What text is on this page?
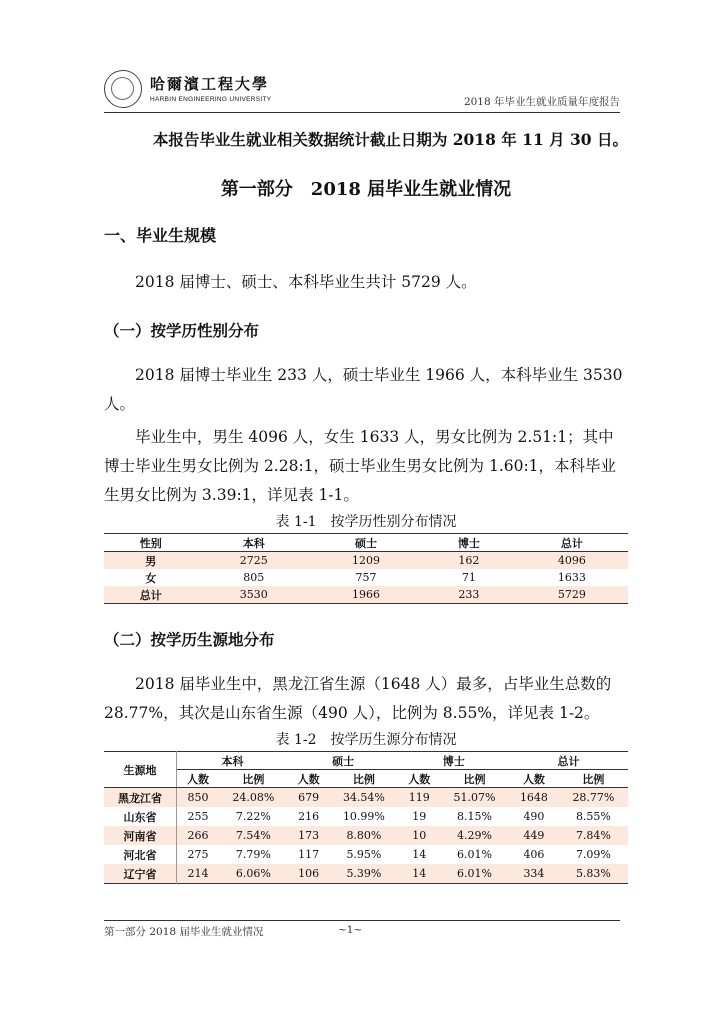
哈爾濱工程大學
HARBIN ENGINEERING UNIVERSITY	2018 年毕业生就业质量年度报告

本报告毕业生就业相关数据统计截止日期为 2018 年 11 月 30 日。

第一部分　2018 届毕业生就业情况

一、毕业生规模

2018 届博士、硕士、本科毕业生共计 5729 人。

（一）按学历性别分布

2018 届博士毕业生 233 人，硕士毕业生 1966 人，本科毕业生 3530 人。

毕业生中，男生 4096 人，女生 1633 人，男女比例为 2.51:1；其中博士毕业生男女比例为 2.28:1，硕士毕业生男女比例为 1.60:1，本科毕业生男女比例为 3.39:1，详见表 1-1。

表 1-1　按学历性别分布情况

性别	本科	硕士	博士	总计
男	2725	1209	162	4096
女	805	757	71	1633
总计	3530	1966	233	5729

（二）按学历生源地分布

2018 届毕业生中，黑龙江省生源（1648 人）最多，占毕业生总数的 28.77%，其次是山东省生源（490 人），比例为 8.55%，详见表 1-2。

表 1-2　按学历生源分布情况

生源地	本科		硕士		博士		总计	
	人数	比例	人数	比例	人数	比例	人数	比例
黑龙江省	850	24.08%	679	34.54%	119	51.07%	1648	28.77%
山东省	255	7.22%	216	10.99%	19	8.15%	490	8.55%
河南省	266	7.54%	173	8.80%	10	4.29%	449	7.84%
河北省	275	7.79%	117	5.95%	14	6.01%	406	7.09%
辽宁省	214	6.06%	106	5.39%	14	6.01%	334	5.83%
第一部分 2018 届毕业生就业情况	~1~
